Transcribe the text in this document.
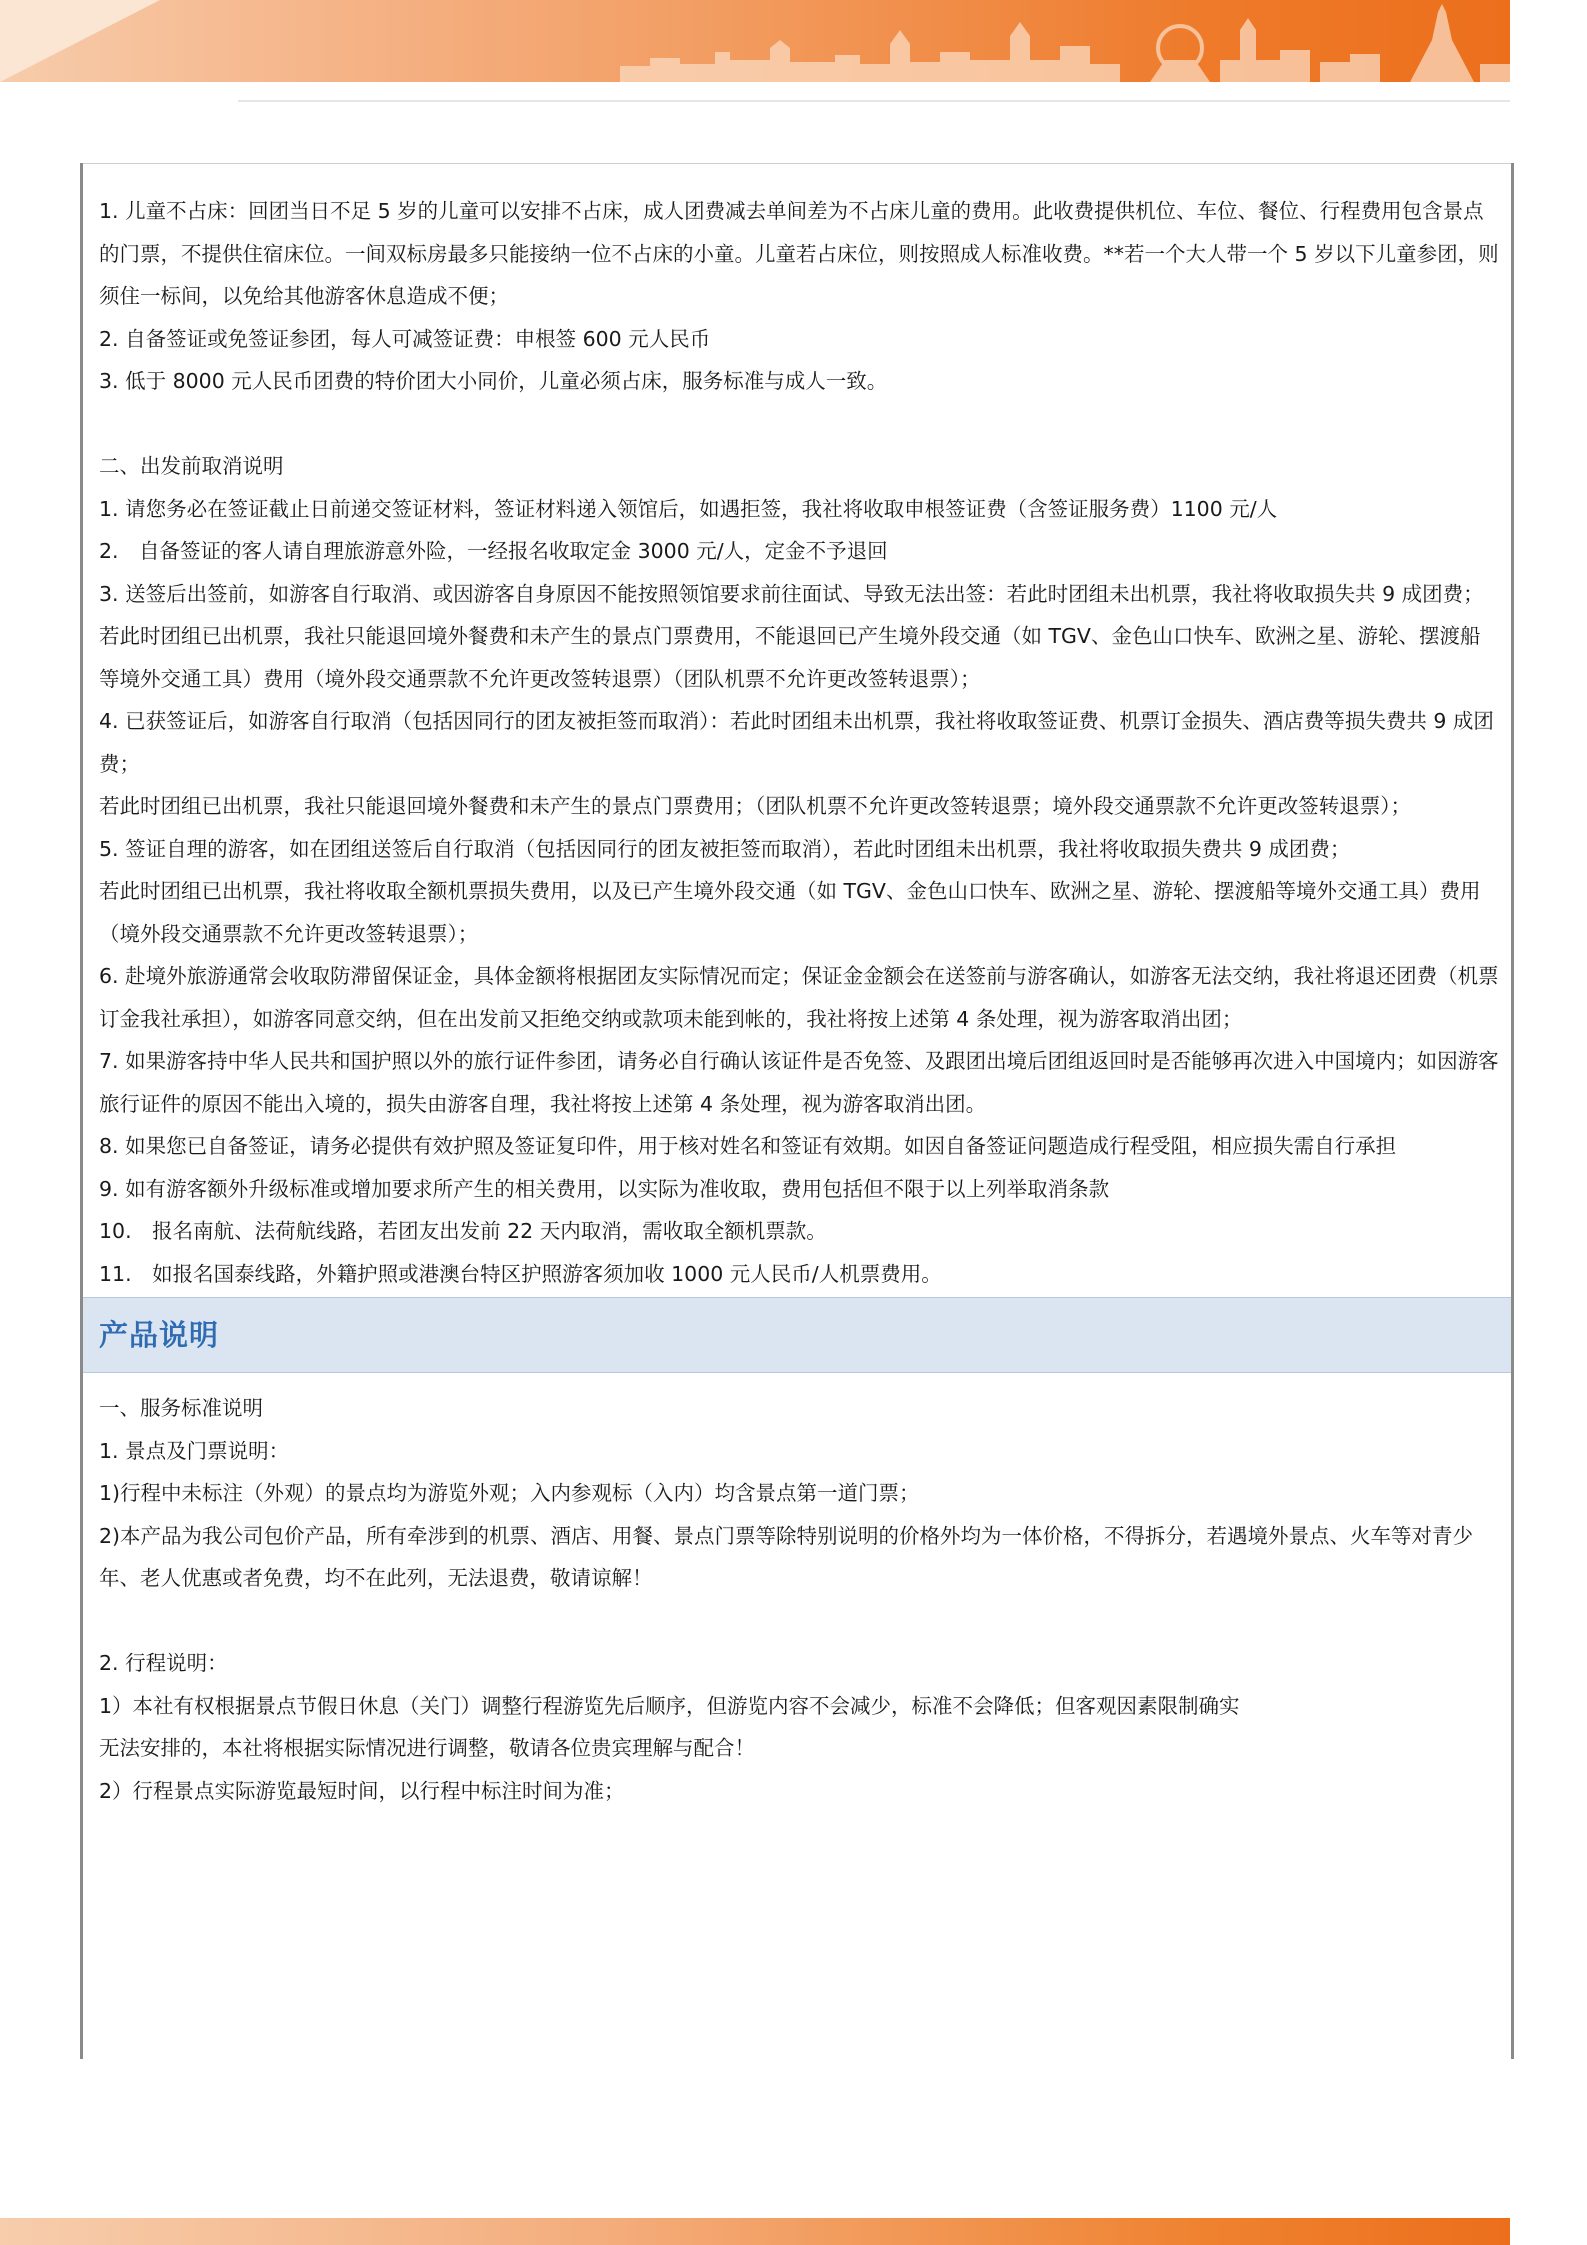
1. 儿童不占床：回团当日不足 5 岁的儿童可以安排不占床，成人团费减去单间差为不占床儿童的费用。此收费提供机位、车位、餐位、行程费用包含景点的门票，不提供住宿床位。一间双标房最多只能接纳一位不占床的小童。儿童若占床位，则按照成人标准收费。**若一个大人带一个 5 岁以下儿童参团，则须住一标间，以免给其他游客休息造成不便；

2. 自备签证或免签证参团，每人可减签证费：申根签 600 元人民币

3. 低于 8000 元人民币团费的特价团大小同价，儿童必须占床，服务标准与成人一致。

二、出发前取消说明

1. 请您务必在签证截止日前递交签证材料，签证材料递入领馆后，如遇拒签，我社将收取申根签证费（含签证服务费）1100 元/人

2.　自备签证的客人请自理旅游意外险，一经报名收取定金 3000 元/人，定金不予退回

3. 送签后出签前，如游客自行取消、或因游客自身原因不能按照领馆要求前往面试、导致无法出签：若此时团组未出机票，我社将收取损失共 9 成团费；

若此时团组已出机票，我社只能退回境外餐费和未产生的景点门票费用，不能退回已产生境外段交通（如 TGV、金色山口快车、欧洲之星、游轮、摆渡船等境外交通工具）费用（境外段交通票款不允许更改签转退票）（团队机票不允许更改签转退票）；

4. 已获签证后，如游客自行取消（包括因同行的团友被拒签而取消）：若此时团组未出机票，我社将收取签证费、机票订金损失、酒店费等损失费共 9 成团费；

若此时团组已出机票，我社只能退回境外餐费和未产生的景点门票费用；（团队机票不允许更改签转退票；境外段交通票款不允许更改签转退票）；

5. 签证自理的游客，如在团组送签后自行取消（包括因同行的团友被拒签而取消），若此时团组未出机票，我社将收取损失费共 9 成团费；

若此时团组已出机票，我社将收取全额机票损失费用，以及已产生境外段交通（如 TGV、金色山口快车、欧洲之星、游轮、摆渡船等境外交通工具）费用（境外段交通票款不允许更改签转退票）；

6. 赴境外旅游通常会收取防滞留保证金，具体金额将根据团友实际情况而定；保证金金额会在送签前与游客确认，如游客无法交纳，我社将退还团费（机票订金我社承担），如游客同意交纳，但在出发前又拒绝交纳或款项未能到帐的，我社将按上述第 4 条处理，视为游客取消出团；

7. 如果游客持中华人民共和国护照以外的旅行证件参团，请务必自行确认该证件是否免签、及跟团出境后团组返回时是否能够再次进入中国境内；如因游客旅行证件的原因不能出入境的，损失由游客自理，我社将按上述第 4 条处理，视为游客取消出团。

8. 如果您已自备签证，请务必提供有效护照及签证复印件，用于核对姓名和签证有效期。如因自备签证问题造成行程受阻，相应损失需自行承担

9. 如有游客额外升级标准或增加要求所产生的相关费用，以实际为准收取，费用包括但不限于以上列举取消条款

10.　报名南航、法荷航线路，若团友出发前 22 天内取消，需收取全额机票款。

11.　如报名国泰线路，外籍护照或港澳台特区护照游客须加收 1000 元人民币/人机票费用。

产品说明

一、服务标准说明

1. 景点及门票说明：

1)行程中未标注（外观）的景点均为游览外观；入内参观标（入内）均含景点第一道门票；

2)本产品为我公司包价产品，所有牵涉到的机票、酒店、用餐、景点门票等除特别说明的价格外均为一体价格，不得拆分，若遇境外景点、火车等对青少年、老人优惠或者免费，均不在此列，无法退费，敬请谅解！

2. 行程说明：

1）本社有权根据景点节假日休息（关门）调整行程游览先后顺序，但游览内容不会减少，标准不会降低；但客观因素限制确实

无法安排的，本社将根据实际情况进行调整，敬请各位贵宾理解与配合！

2）行程景点实际游览最短时间，以行程中标注时间为准；
